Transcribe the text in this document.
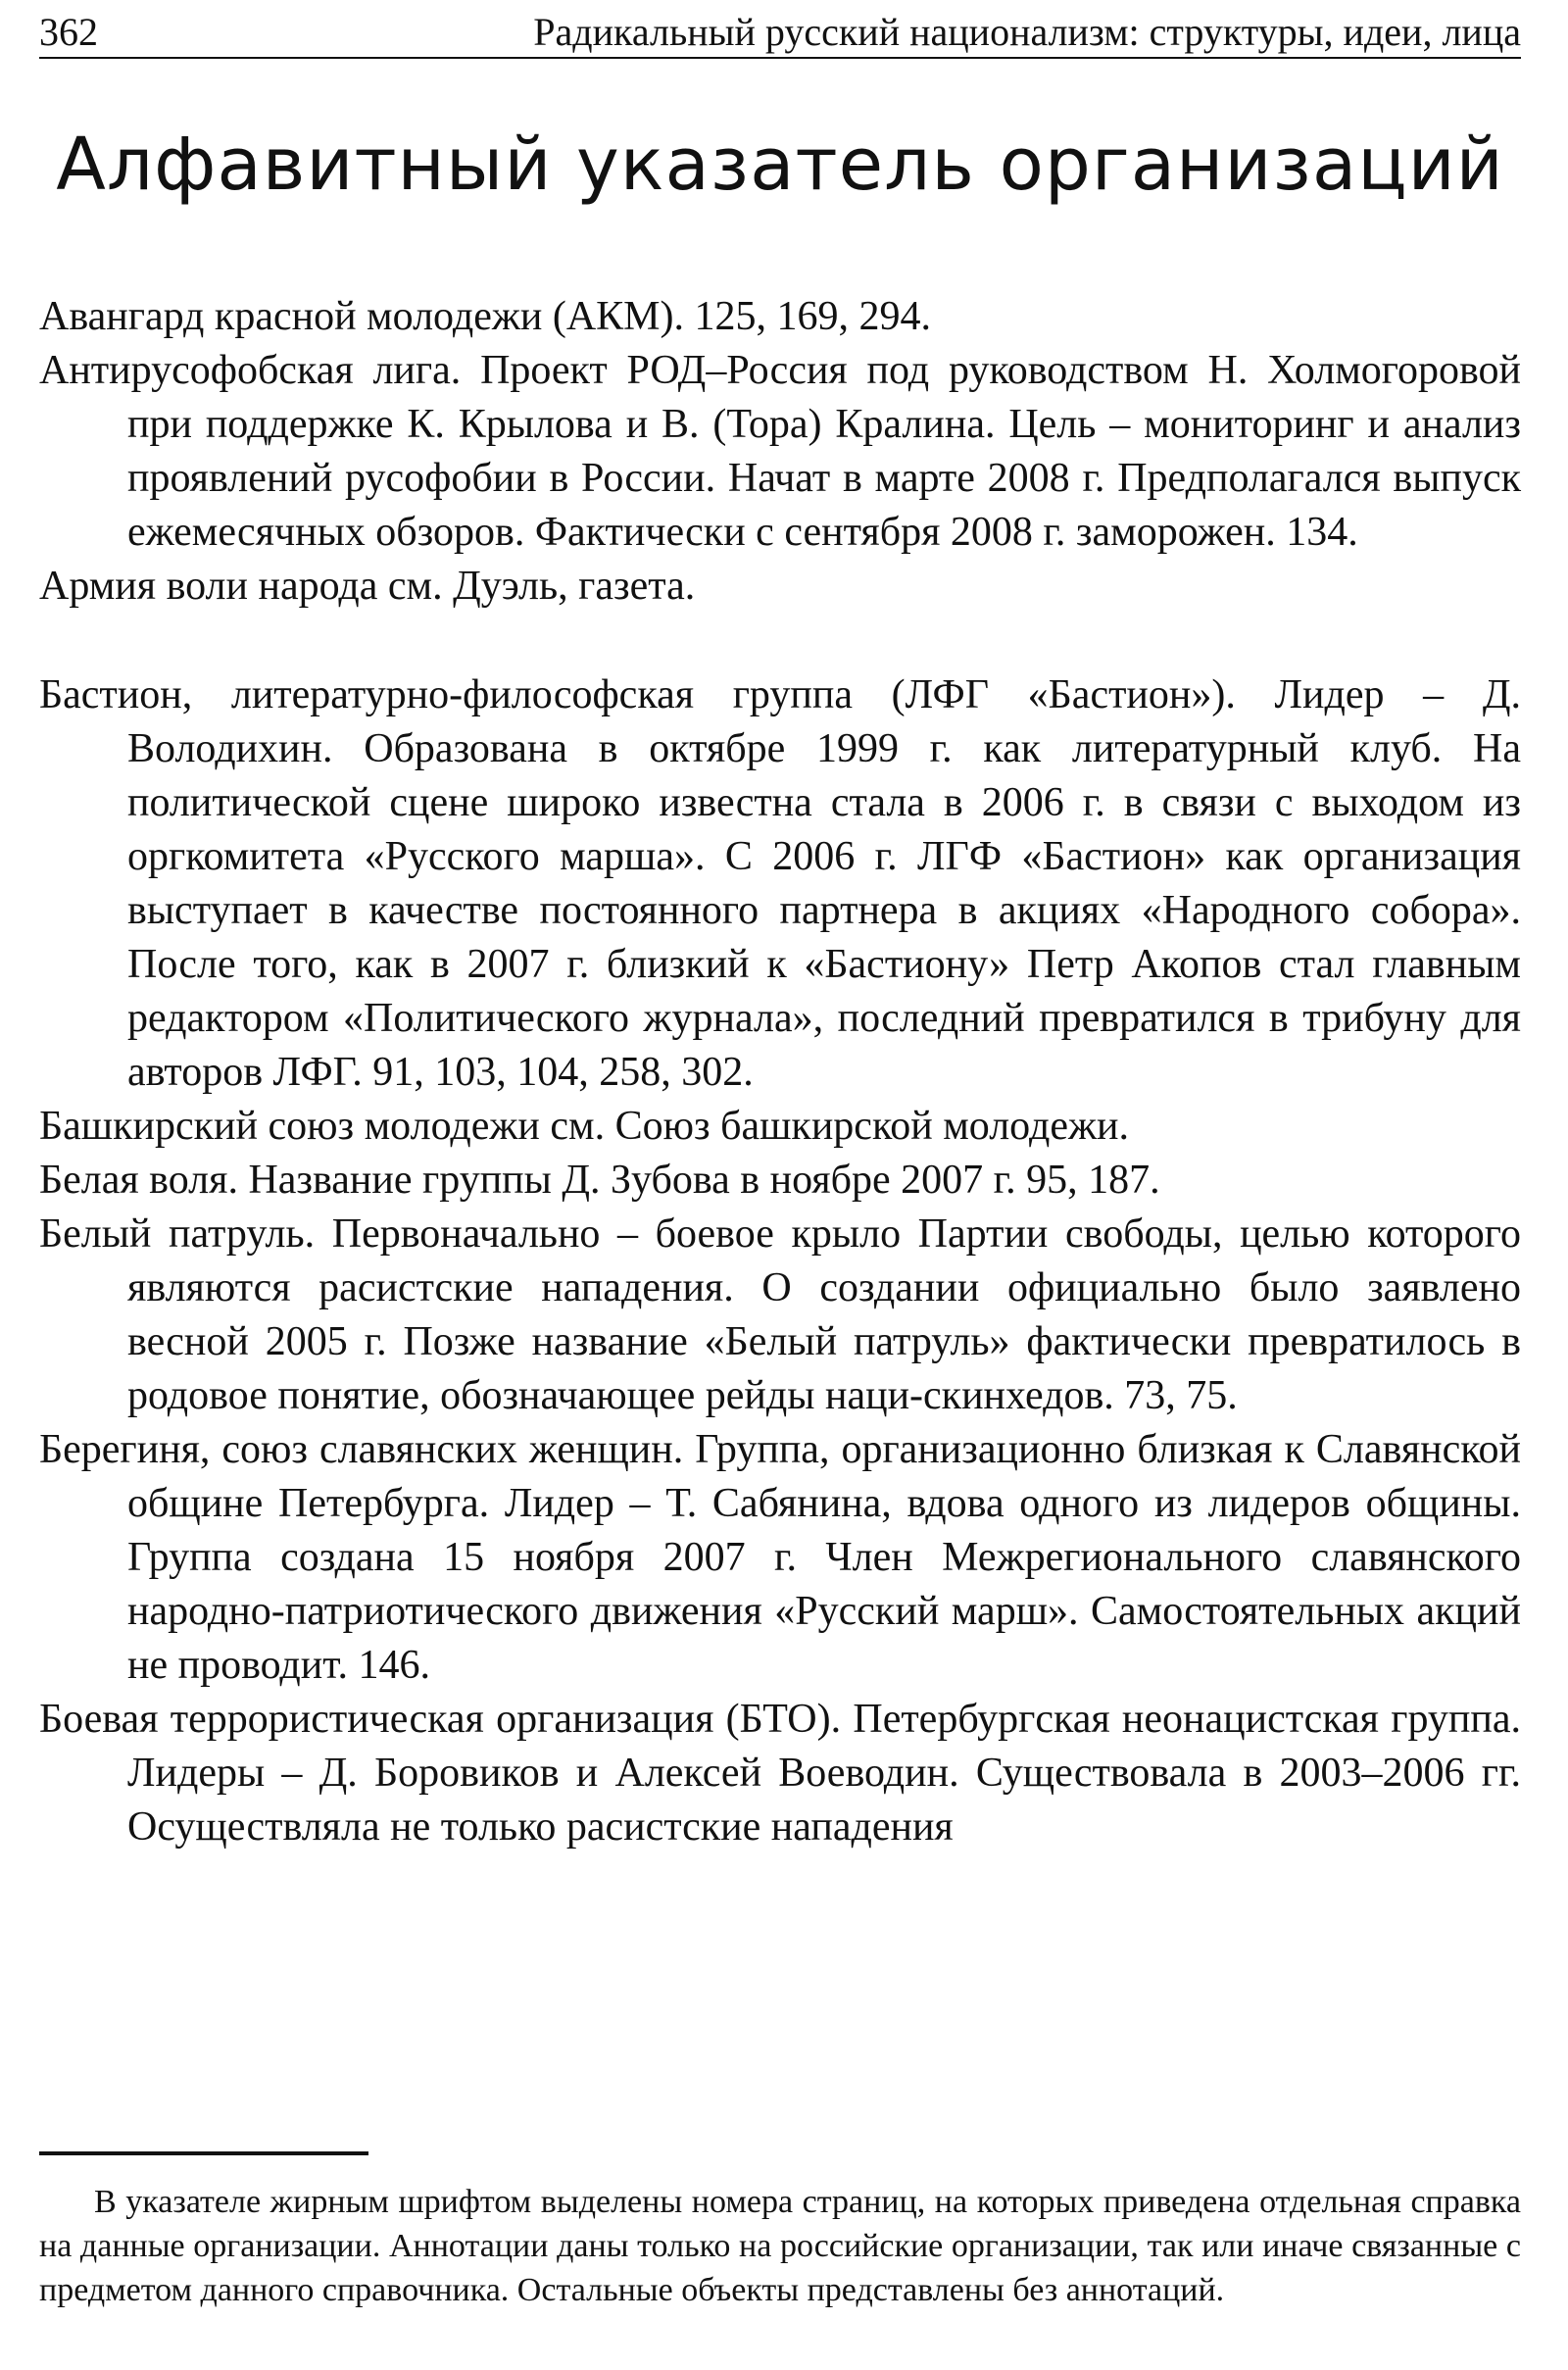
362	Радикальный русский национализм: структуры, идеи, лица
Алфавитный указатель организаций

Авангард красной молодежи (АКМ). 125, 169, 294.

Антирусофобская лига. Проект РОД–Россия под руководством Н. Холмогоровой при поддержке К. Крылова и В. (Тора) Кралина. Цель – мониторинг и анализ проявлений русофобии в России. Начат в марте 2008 г. Предполагался выпуск ежемесячных обзоров. Фактически с сентября 2008 г. заморожен. 134.

Армия воли народа см. Дуэль, газета.

Бастион, литературно-философская группа (ЛФГ «Бастион»). Лидер – Д. Володихин. Образована в октябре 1999 г. как литературный клуб. На политической сцене широко известна стала в 2006 г. в связи с выходом из оргкомитета «Русского марша». С 2006 г. ЛГФ «Бастион» как организация выступает в качестве постоянного партнера в акциях «Народного собора». После того, как в 2007 г. близкий к «Бастиону» Петр Акопов стал главным редактором «Политического журнала», последний превратился в трибуну для авторов ЛФГ. 91, 103, 104, 258, 302.

Башкирский союз молодежи см. Союз башкирской молодежи.

Белая воля. Название группы Д. Зубова в ноябре 2007 г. 95, 187.

Белый патруль. Первоначально – боевое крыло Партии свободы, целью которого являются расистские нападения. О создании официально было заявлено весной 2005 г. Позже название «Белый патруль» фактически превратилось в родовое понятие, обозначающее рейды наци-скинхедов. 73, 75.

Берегиня, союз славянских женщин. Группа, организационно близкая к Славянской общине Петербурга. Лидер – Т. Сабянина, вдова одного из лидеров общины. Группа создана 15 ноября 2007 г. Член Межрегионального славянского народно-патриотического движения «Русский марш». Самостоятельных акций не проводит. 146.

Боевая террористическая организация (БТО). Петербургская неонацистская группа. Лидеры – Д. Боровиков и Алексей Воеводин. Существовала в 2003–2006 гг. Осуществляла не только расистские нападения

В указателе жирным шрифтом выделены номера страниц, на которых приведена отдельная справка на данные организации. Аннотации даны только на российские организации, так или иначе связанные с предметом данного справочника. Остальные объекты представлены без аннотаций.
